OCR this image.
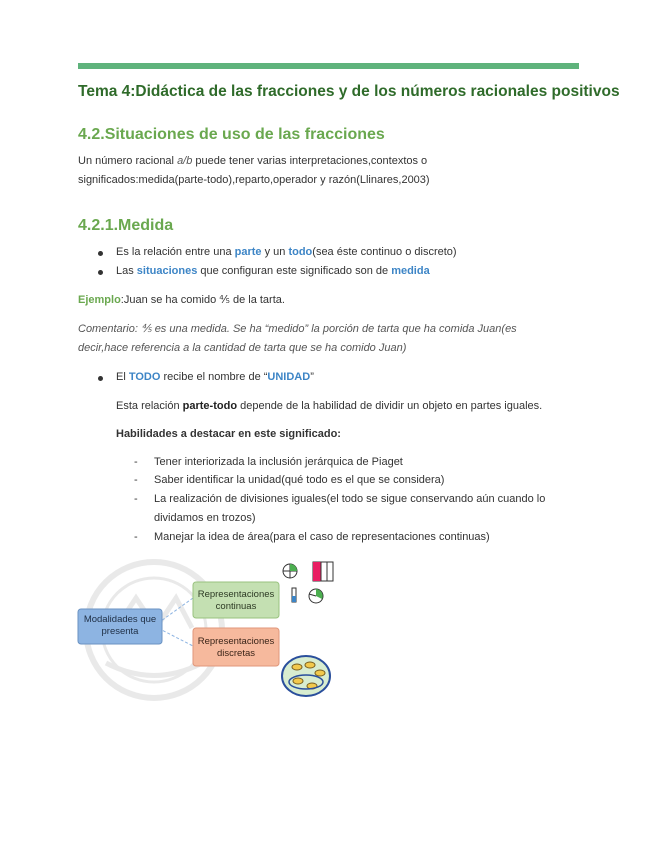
Tema 4:Didáctica de las fracciones y de los números racionales positivos
4.2.Situaciones de uso de las fracciones
Un número racional a/b puede tener varias interpretaciones,contextos o
significados:medida(parte-todo),reparto,operador y razón(Llinares,2003)
4.2.1.Medida
Es la relación entre una parte y un todo(sea éste continuo o discreto)
Las situaciones que configuran este significado son de medida
Ejemplo:Juan se ha comido ⅘ de la tarta.
Comentario: ⅘ es una medida. Se ha “medido” la porción de tarta que ha comida Juan(es
decir,hace referencia a la cantidad de tarta que se ha comido Juan)
El TODO recibe el nombre de “UNIDAD”
Esta relación parte-todo depende de la habilidad de dividir un objeto en partes iguales.
Habilidades a destacar en este significado:
- Tener interiorizada la inclusión jerárquica de Piaget
- Saber identificar la unidad(qué todo es el que se considera)
- La realización de divisiones iguales(el todo se sigue conservando aún cuando lo
dividamos en trozos)
- Manejar la idea de área(para el caso de representaciones continuas)
Modalidades que
presenta
Representaciones
continuas
Representaciones
discretas
